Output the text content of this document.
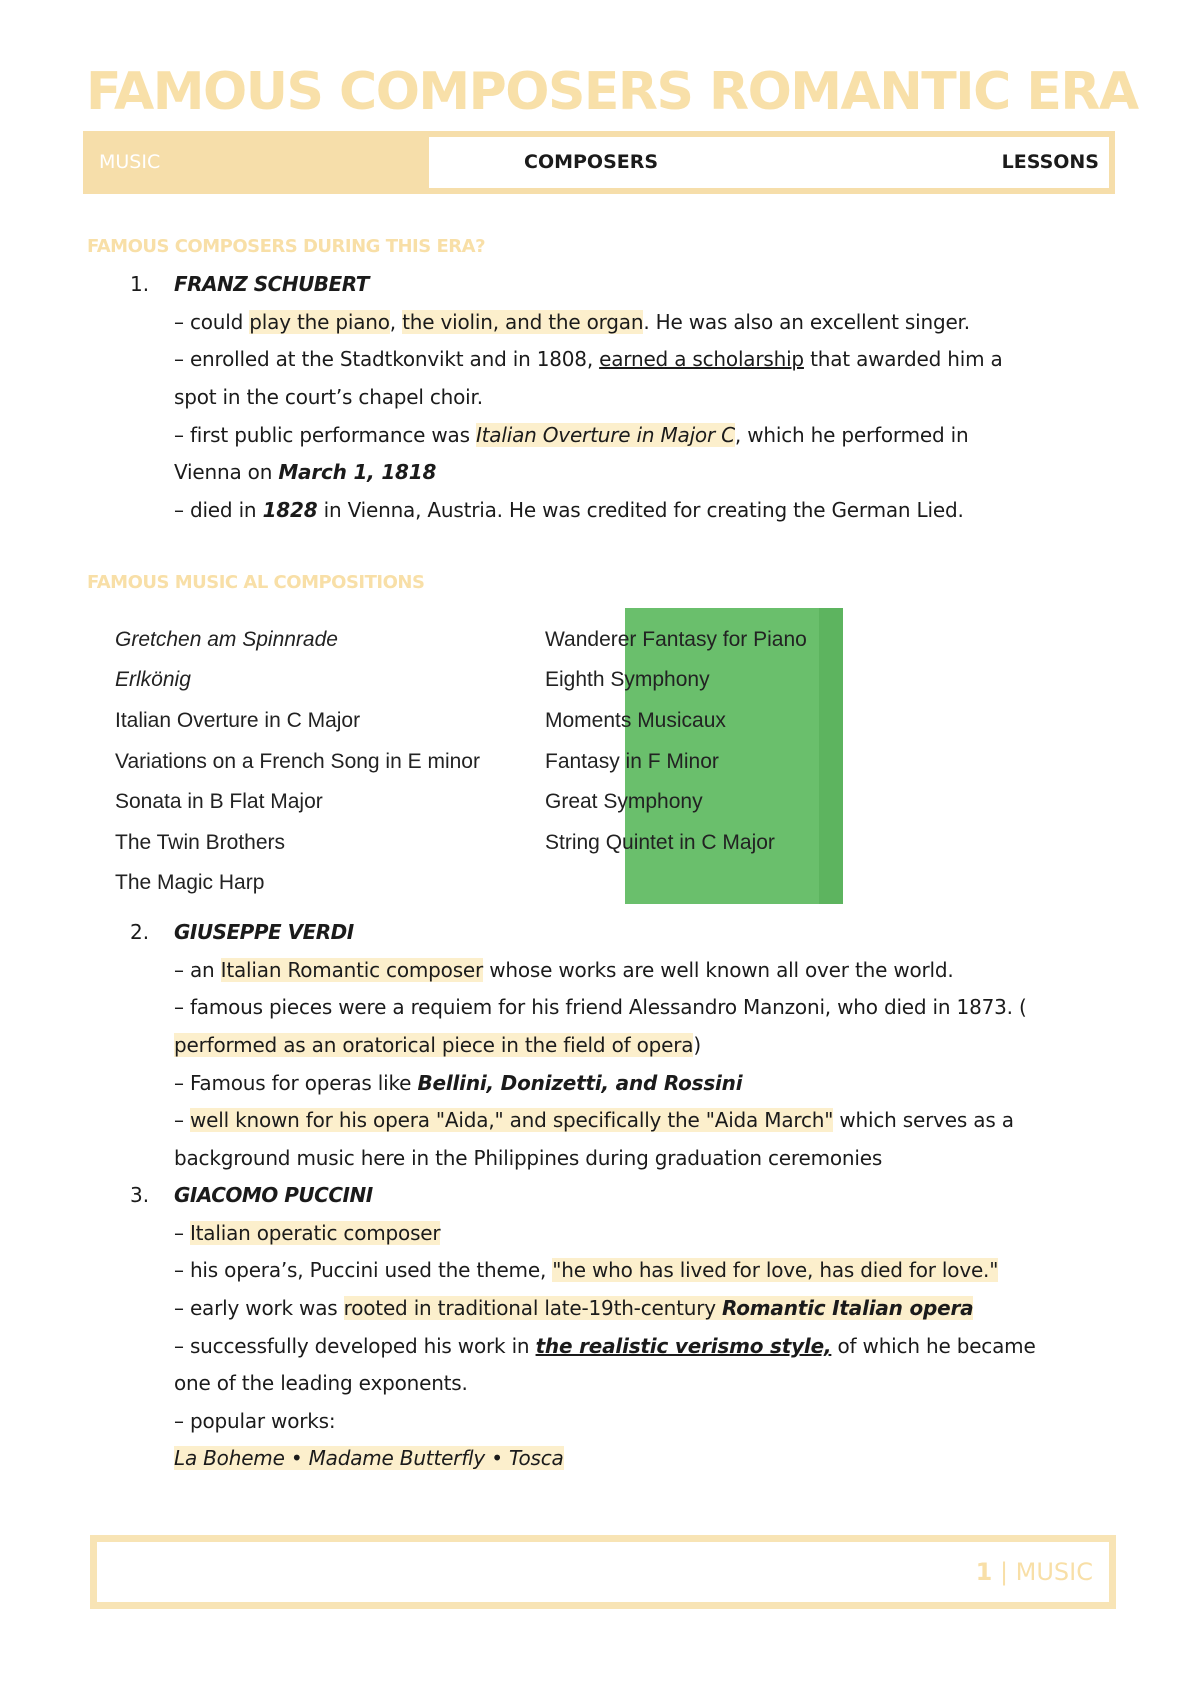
FAMOUS COMPOSERS ROMANTIC ERA
MUSIC	COMPOSERS	LESSONS
FAMOUS COMPOSERS DURING THIS ERA?
1. FRANZ SCHUBERT
– could play the piano, the violin, and the organ. He was also an excellent singer.
– enrolled at the Stadtkonvikt and in 1808, earned a scholarship that awarded him a
spot in the court’s chapel choir.
– first public performance was Italian Overture in Major C, which he performed in
Vienna on March 1, 1818
– died in 1828 in Vienna, Austria. He was credited for creating the German Lied.
FAMOUS MUSIC AL COMPOSITIONS
Gretchen am Spinnrade
Erlkönig
Italian Overture in C Major
Variations on a French Song in E minor
Sonata in B Flat Major
The Twin Brothers
The Magic Harp
Wanderer Fantasy for Piano
Eighth Symphony
Moments Musicaux
Fantasy in F Minor
Great Symphony
String Quintet in C Major
2. GIUSEPPE VERDI
– an Italian Romantic composer whose works are well known all over the world.
– famous pieces were a requiem for his friend Alessandro Manzoni, who died in 1873. (
performed as an oratorical piece in the field of opera)
– Famous for operas like Bellini, Donizetti, and Rossini
– well known for his opera "Aida," and specifically the "Aida March" which serves as a
background music here in the Philippines during graduation ceremonies
3. GIACOMO PUCCINI
– Italian operatic composer
– his opera’s, Puccini used the theme, "he who has lived for love, has died for love."
– early work was rooted in traditional late-19th-century Romantic Italian opera
– successfully developed his work in the realistic verismo style, of which he became
one of the leading exponents.
– popular works:
La Boheme • Madame Butterfly • Tosca
1 | MUSIC
